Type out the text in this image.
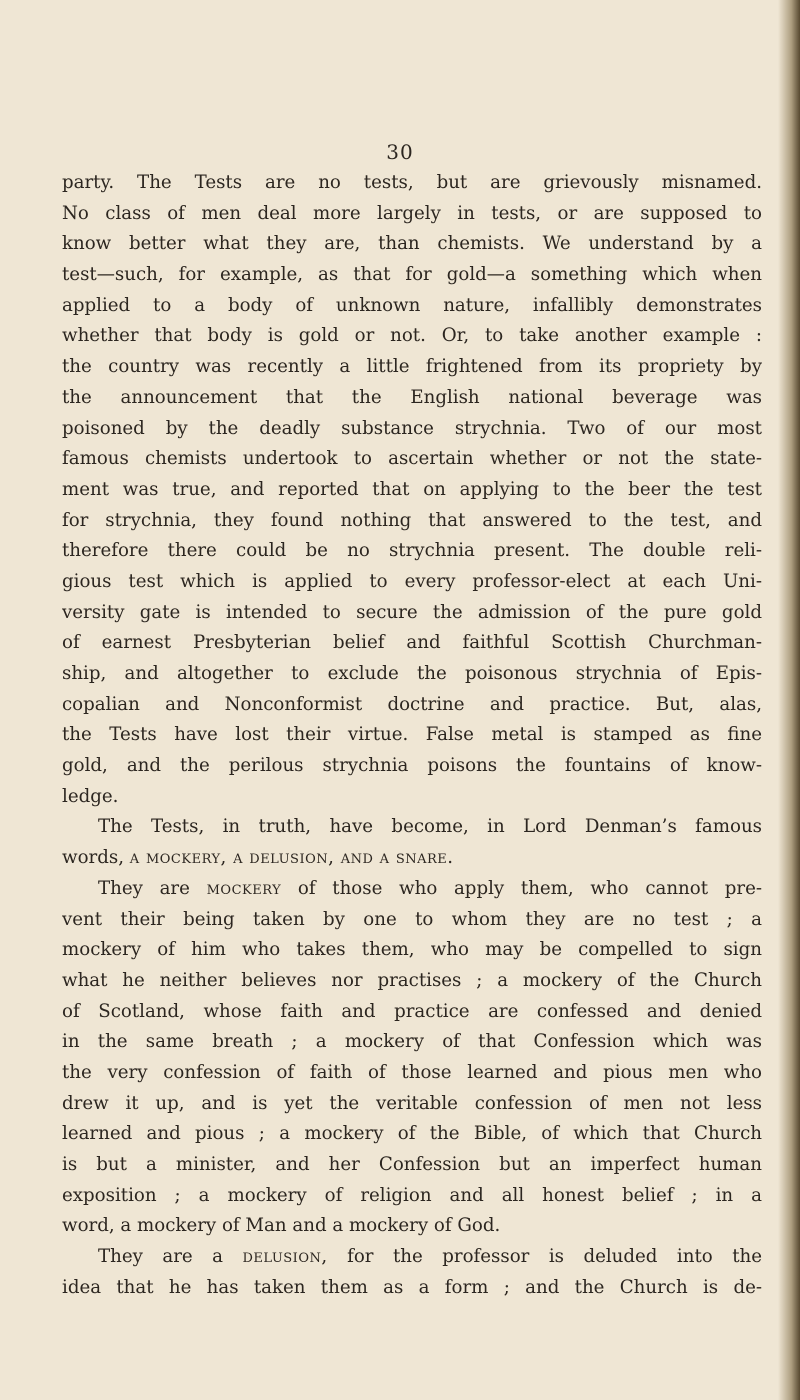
30
party. The Tests are no tests, but are grievously misnamed.
No class of men deal more largely in tests, or are supposed to
know better what they are, than chemists. We understand by a
test—such, for example, as that for gold—a something which when
applied to a body of unknown nature, infallibly demonstrates
whether that body is gold or not. Or, to take another example :
the country was recently a little frightened from its propriety by
the announcement that the English national beverage was
poisoned by the deadly substance strychnia. Two of our most
famous chemists undertook to ascertain whether or not the state-
ment was true, and reported that on applying to the beer the test
for strychnia, they found nothing that answered to the test, and
therefore there could be no strychnia present. The double reli-
gious test which is applied to every professor-elect at each Uni-
versity gate is intended to secure the admission of the pure gold
of earnest Presbyterian belief and faithful Scottish Churchman-
ship, and altogether to exclude the poisonous strychnia of Epis-
copalian and Nonconformist doctrine and practice. But, alas,
the Tests have lost their virtue. False metal is stamped as fine
gold, and the perilous strychnia poisons the fountains of know-
ledge.
The Tests, in truth, have become, in Lord Denman’s famous
words, a mockery, a delusion, and a snare.
They are mockery of those who apply them, who cannot pre-
vent their being taken by one to whom they are no test ; a
mockery of him who takes them, who may be compelled to sign
what he neither believes nor practises ; a mockery of the Church
of Scotland, whose faith and practice are confessed and denied
in the same breath ; a mockery of that Confession which was
the very confession of faith of those learned and pious men who
drew it up, and is yet the veritable confession of men not less
learned and pious ; a mockery of the Bible, of which that Church
is but a minister, and her Confession but an imperfect human
exposition ; a mockery of religion and all honest belief ; in a
word, a mockery of Man and a mockery of God.
They are a delusion, for the professor is deluded into the
idea that he has taken them as a form ; and the Church is de-
